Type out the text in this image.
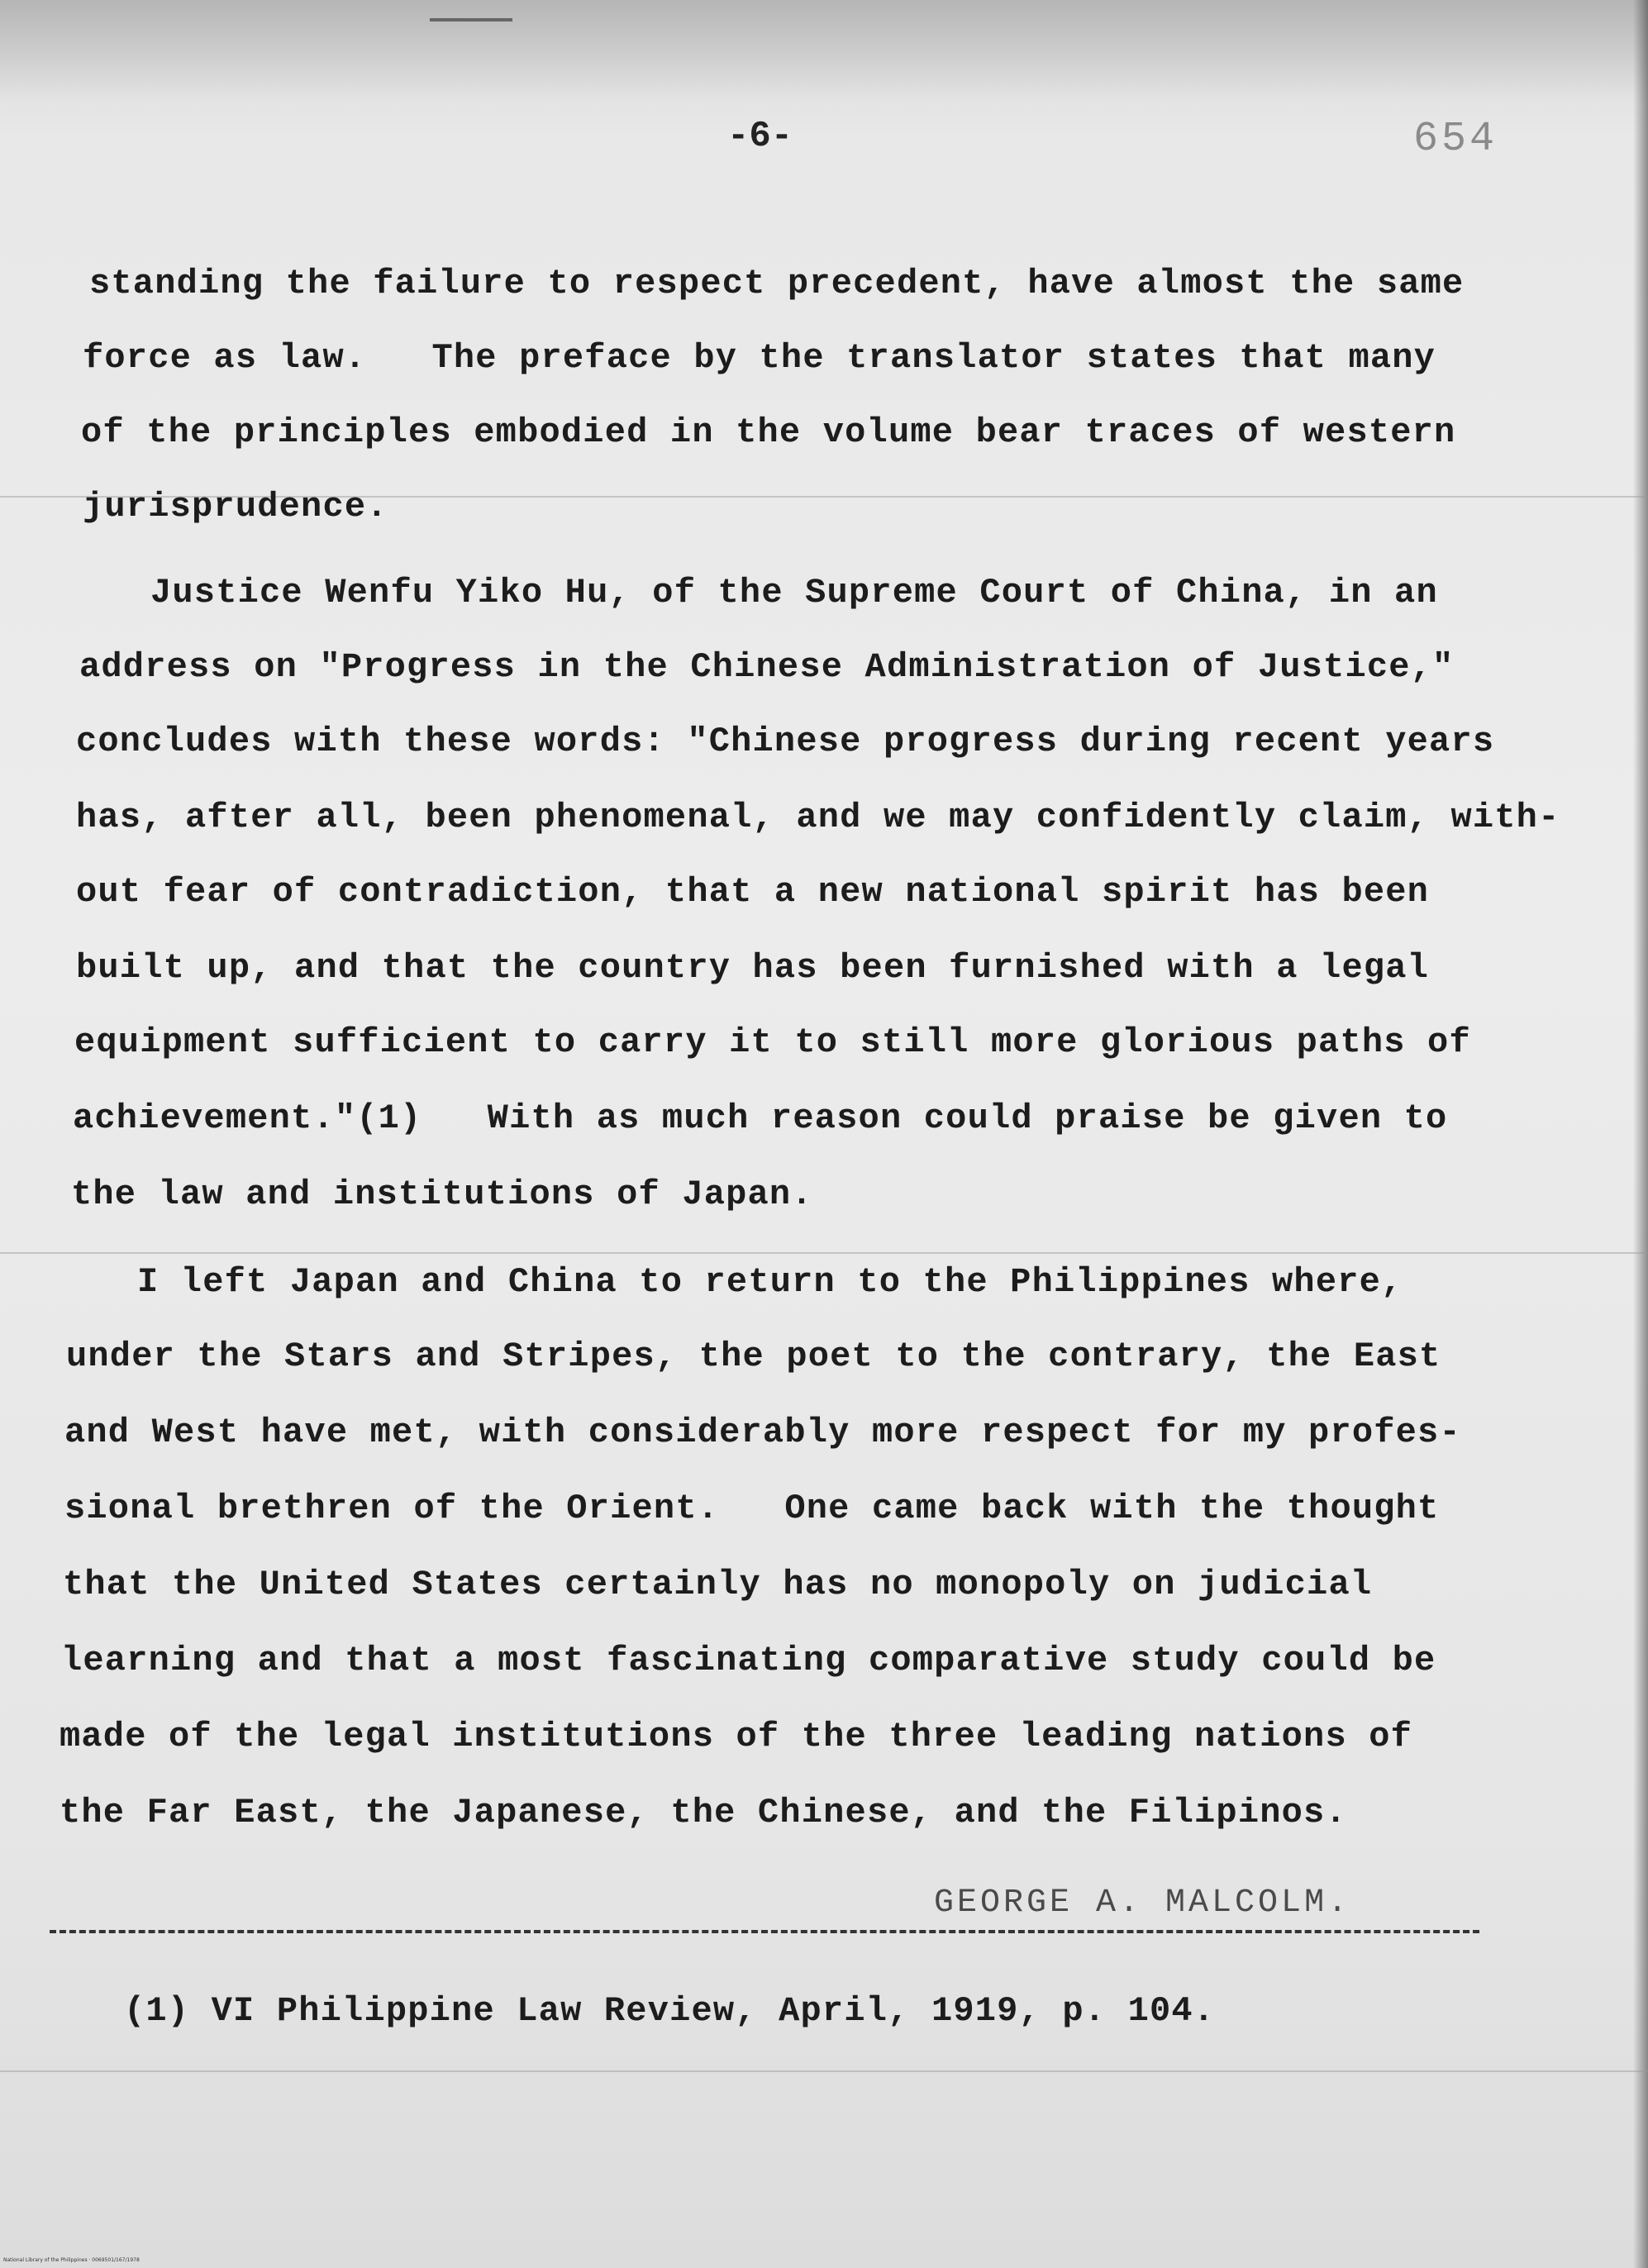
-6-	654
standing the failure to respect precedent, have almost the same
force as law.   The preface by the translator states that many
of the principles embodied in the volume bear traces of western
jurisprudence.
Justice Wenfu Yiko Hu, of the Supreme Court of China, in an
address on "Progress in the Chinese Administration of Justice,"
concludes with these words: "Chinese progress during recent years
has, after all, been phenomenal, and we may confidently claim, with-
out fear of contradiction, that a new national spirit has been
built up, and that the country has been furnished with a legal
equipment sufficient to carry it to still more glorious paths of
achievement."(1)   With as much reason could praise be given to
the law and institutions of Japan.
I left Japan and China to return to the Philippines where,
under the Stars and Stripes, the poet to the contrary, the East
and West have met, with considerably more respect for my profes-
sional brethren of the Orient.   One came back with the thought
that the United States certainly has no monopoly on judicial
learning and that a most fascinating comparative study could be
made of the legal institutions of the three leading nations of
the Far East, the Japanese, the Chinese, and the Filipinos.
GEORGE A. MALCOLM.
(1) VI Philippine Law Review, April, 1919, p. 104.
National Library of the Philippines · 0069501/167/1978
